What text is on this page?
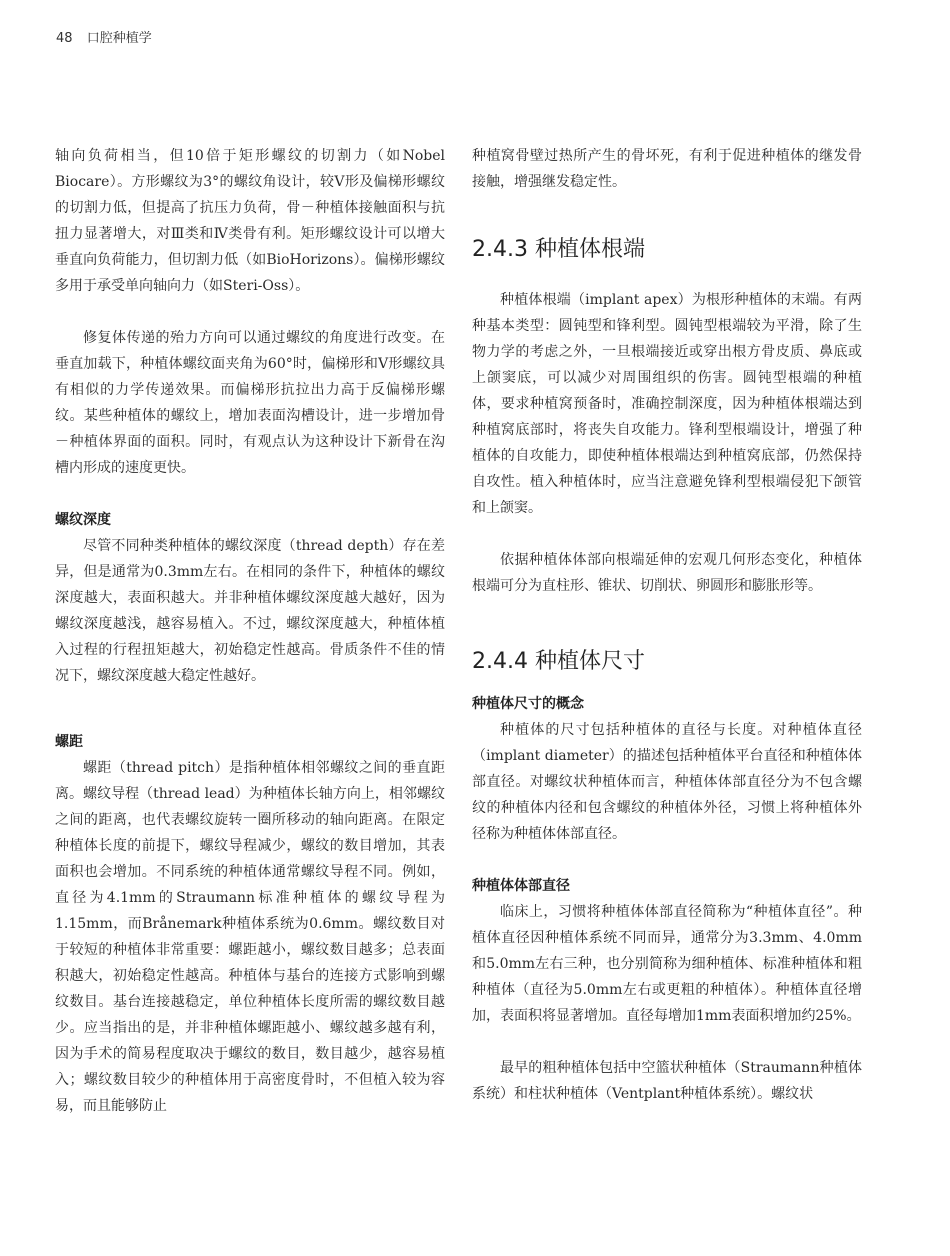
48 口腔种植学

轴向负荷相当，但10倍于矩形螺纹的切割力（如Nobel Biocare）。方形螺纹为3°的螺纹角设计，较V形及偏梯形螺纹的切割力低，但提高了抗压力负荷，骨－种植体接触面积与抗扭力显著增大，对Ⅲ类和Ⅳ类骨有利。矩形螺纹设计可以增大垂直向负荷能力，但切割力低（如BioHorizons）。偏梯形螺纹多用于承受单向轴向力（如Steri-Oss）。

修复体传递的殆力方向可以通过螺纹的角度进行改变。在垂直加载下，种植体螺纹面夹角为60°时，偏梯形和V形螺纹具有相似的力学传递效果。而偏梯形抗拉出力高于反偏梯形螺纹。某些种植体的螺纹上，增加表面沟槽设计，进一步增加骨－种植体界面的面积。同时，有观点认为这种设计下新骨在沟槽内形成的速度更快。

螺纹深度

尽管不同种类种植体的螺纹深度（thread depth）存在差异，但是通常为0.3mm左右。在相同的条件下，种植体的螺纹深度越大，表面积越大。并非种植体螺纹深度越大越好，因为螺纹深度越浅，越容易植入。不过，螺纹深度越大，种植体植入过程的行程扭矩越大，初始稳定性越高。骨质条件不佳的情况下，螺纹深度越大稳定性越好。

螺距

螺距（thread pitch）是指种植体相邻螺纹之间的垂直距离。螺纹导程（thread lead）为种植体长轴方向上，相邻螺纹之间的距离，也代表螺纹旋转一圈所移动的轴向距离。在限定种植体长度的前提下，螺纹导程减少，螺纹的数目增加，其表面积也会增加。不同系统的种植体通常螺纹导程不同。例如，直径为4.1mm的Straumann标准种植体的螺纹导程为1.15mm，而Brånemark种植体系统为0.6mm。螺纹数目对于较短的种植体非常重要：螺距越小，螺纹数目越多；总表面积越大，初始稳定性越高。种植体与基台的连接方式影响到螺纹数目。基台连接越稳定，单位种植体长度所需的螺纹数目越少。应当指出的是，并非种植体螺距越小、螺纹越多越有利，因为手术的简易程度取决于螺纹的数目，数目越少，越容易植入；螺纹数目较少的种植体用于高密度骨时，不但植入较为容易，而且能够防止

种植窝骨壁过热所产生的骨坏死，有利于促进种植体的继发骨接触，增强继发稳定性。

2.4.3 种植体根端

种植体根端（implant apex）为根形种植体的末端。有两种基本类型：圆钝型和锋利型。圆钝型根端较为平滑，除了生物力学的考虑之外，一旦根端接近或穿出根方骨皮质、鼻底或上颌窦底，可以减少对周围组织的伤害。圆钝型根端的种植体，要求种植窝预备时，准确控制深度，因为种植体根端达到种植窝底部时，将丧失自攻能力。锋利型根端设计，增强了种植体的自攻能力，即使种植体根端达到种植窝底部，仍然保持自攻性。植入种植体时，应当注意避免锋利型根端侵犯下颌管和上颌窦。

依据种植体体部向根端延伸的宏观几何形态变化，种植体根端可分为直柱形、锥状、切削状、卵圆形和膨胀形等。

2.4.4 种植体尺寸
种植体尺寸的概念

种植体的尺寸包括种植体的直径与长度。对种植体直径（implant diameter）的描述包括种植体平台直径和种植体体部直径。对螺纹状种植体而言，种植体体部直径分为不包含螺纹的种植体内径和包含螺纹的种植体外径，习惯上将种植体外径称为种植体体部直径。

种植体体部直径

临床上，习惯将种植体体部直径简称为“种植体直径”。种植体直径因种植体系统不同而异，通常分为3.3mm、4.0mm和5.0mm左右三种，也分别简称为细种植体、标准种植体和粗种植体（直径为5.0mm左右或更粗的种植体）。种植体直径增加，表面积将显著增加。直径每增加1mm表面积增加约25%。

最早的粗种植体包括中空篮状种植体（Straumann种植体系统）和柱状种植体（Ventplant种植体系统）。螺纹状
